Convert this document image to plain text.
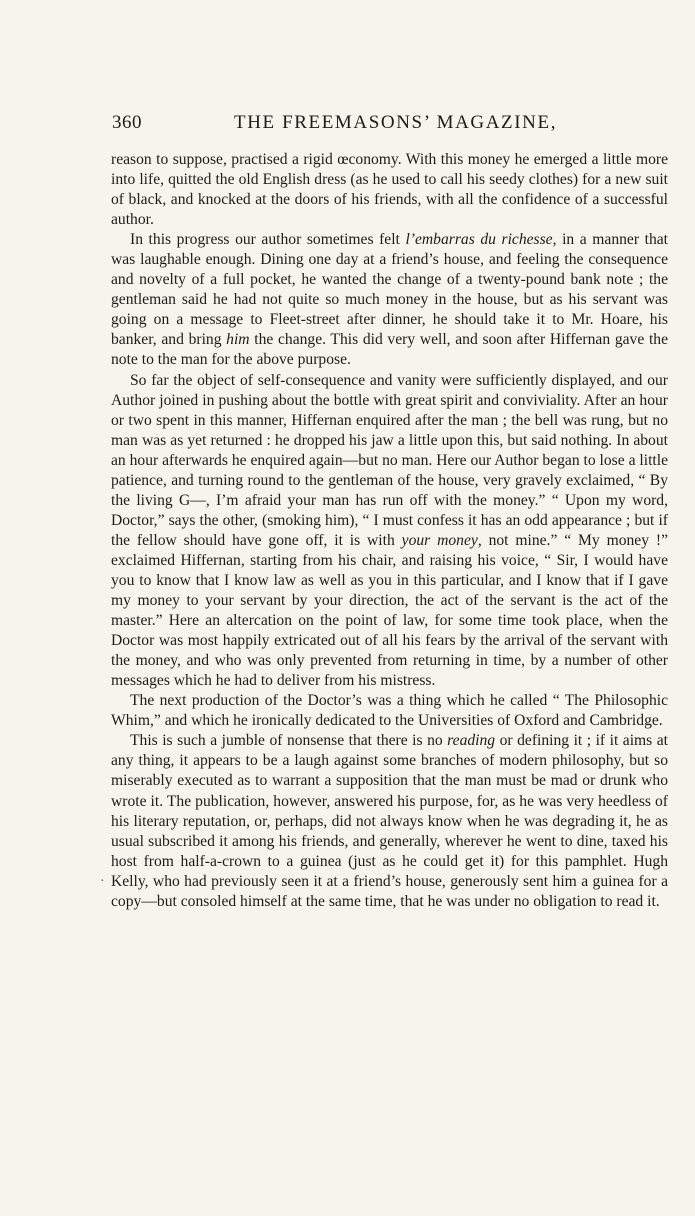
360	THE FREEMASONS’ MAGAZINE,
·

reason to suppose, practised a rigid œconomy. With this money he emerged a little more into life, quitted the old English dress (as he used to call his seedy clothes) for a new suit of black, and knocked at the doors of his friends, with all the confidence of a successful author.

In this progress our author sometimes felt l’embarras du richesse, in a manner that was laughable enough. Dining one day at a friend’s house, and feeling the consequence and novelty of a full pocket, he wanted the change of a twenty-pound bank note ; the gentleman said he had not quite so much money in the house, but as his servant was going on a message to Fleet-street after dinner, he should take it to Mr. Hoare, his banker, and bring him the change. This did very well, and soon after Hiffernan gave the note to the man for the above purpose.

So far the object of self-consequence and vanity were sufficiently displayed, and our Author joined in pushing about the bottle with great spirit and conviviality. After an hour or two spent in this manner, Hiffernan enquired after the man ; the bell was rung, but no man was as yet returned : he dropped his jaw a little upon this, but said nothing. In about an hour afterwards he enquired again—but no man. Here our Author began to lose a little patience, and turning round to the gentleman of the house, very gravely exclaimed, “ By the living G—, I’m afraid your man has run off with the money.” “ Upon my word, Doctor,” says the other, (smoking him), “ I must confess it has an odd appearance ; but if the fellow should have gone off, it is with your money, not mine.” “ My money !” exclaimed Hiffernan, starting from his chair, and raising his voice, “ Sir, I would have you to know that I know law as well as you in this particular, and I know that if I gave my money to your servant by your direction, the act of the servant is the act of the master.” Here an altercation on the point of law, for some time took place, when the Doctor was most happily extricated out of all his fears by the arrival of the servant with the money, and who was only prevented from returning in time, by a number of other messages which he had to deliver from his mistress.

The next production of the Doctor’s was a thing which he called “ The Philosophic Whim,” and which he ironically dedicated to the Universities of Oxford and Cambridge.

This is such a jumble of nonsense that there is no reading or defining it ; if it aims at any thing, it appears to be a laugh against some branches of modern philosophy, but so miserably executed as to warrant a supposition that the man must be mad or drunk who wrote it. The publication, however, answered his purpose, for, as he was very heedless of his literary reputation, or, perhaps, did not always know when he was degrading it, he as usual subscribed it among his friends, and generally, wherever he went to dine, taxed his host from half-a-crown to a guinea (just as he could get it) for this pamphlet. Hugh Kelly, who had previously seen it at a friend’s house, generously sent him a guinea for a copy—but consoled himself at the same time, that he was under no obligation to read it.
